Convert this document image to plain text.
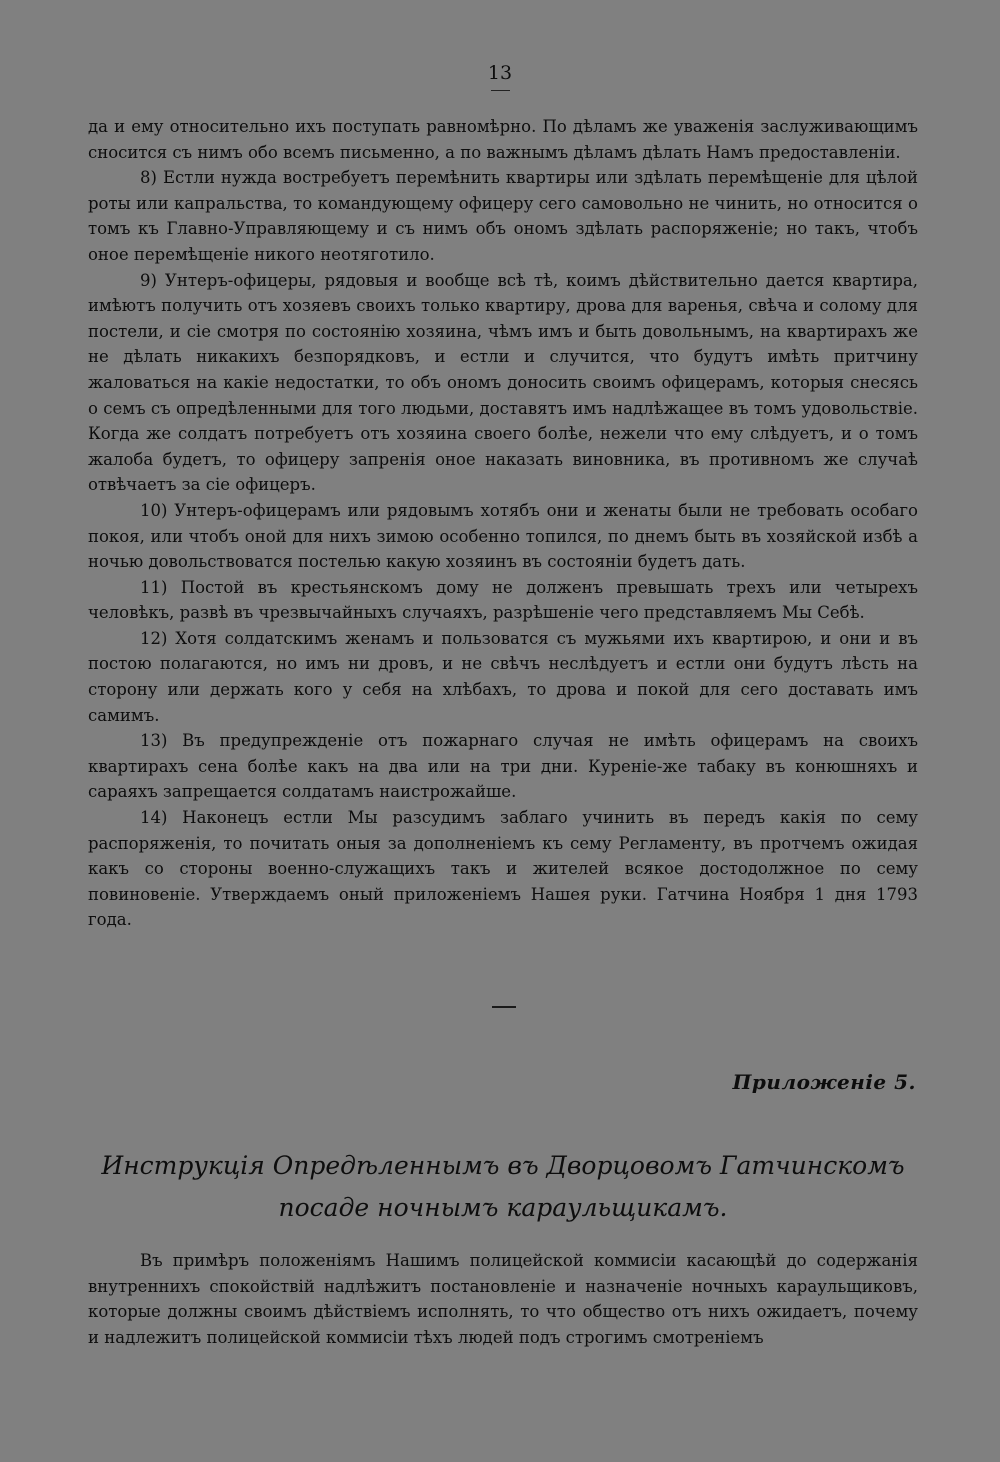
13

да и ему относительно ихъ поступать равномѣрно. По дѣламъ же уваженія заслуживающимъ сносится съ нимъ обо всемъ письменно, а по важнымъ дѣламъ дѣлать Намъ предоставленіи.

8) Естли нужда востребуетъ перемѣнить квартиры или здѣлать перемѣщеніе для цѣлой роты или капральства, то командующему офицеру сего самовольно не чинить, но относится о томъ къ Главно-Управляющему и съ нимъ объ ономъ здѣлать распоряженіе; но такъ, чтобъ оное перемѣщеніе никого неотяготило.

9) Унтеръ-офицеры, рядовыя и вообще всѣ тѣ, коимъ дѣйствительно дается квартира, имѣютъ получить отъ хозяевъ своихъ только квартиру, дрова для варенья, свѣча и солому для постели, и сіе смотря по состоянію хозяина, чѣмъ имъ и быть довольнымъ, на квартирахъ же не дѣлать никакихъ безпорядковъ, и естли и случится, что будутъ имѣть притчину жаловаться на какіе недостатки, то объ ономъ доносить своимъ офицерамъ, которыя снесясь о семъ съ опредѣленными для того людьми, доставятъ имъ надлѣжащее въ томъ удовольствіе. Когда же солдатъ потребуетъ отъ хозяина своего болѣе, нежели что ему слѣдуетъ, и о томъ жалоба будетъ, то офицеру запренія оное наказать виновника, въ противномъ же случаѣ отвѣчаетъ за сіе офицеръ.

10) Унтеръ-офицерамъ или рядовымъ хотябъ они и женаты были не требовать особаго покоя, или чтобъ оной для нихъ зимою особенно топился, по днемъ быть въ хозяйской избѣ а ночью довольствоватся постелью какую хозяинъ въ состояніи будетъ дать.

11) Постой въ крестьянскомъ дому не долженъ превышать трехъ или четырехъ человѣкъ, развѣ въ чрезвычайныхъ случаяхъ, разрѣшеніе чего представляемъ Мы Себѣ.

12) Хотя солдатскимъ женамъ и пользоватся съ мужьями ихъ квартирою, и они и въ постою полагаются, но имъ ни дровъ, и не свѣчъ неслѣдуетъ и естли они будутъ лѣсть на сторону или держать кого у себя на хлѣбахъ, то дрова и покой для сего доставать имъ самимъ.

13) Въ предупрежденіе отъ пожарнаго случая не имѣть офицерамъ на своихъ квартирахъ сена болѣе какъ на два или на три дни. Куреніе-же табаку въ конюшняхъ и сараяхъ запрещается солдатамъ наистрожайше.

14) Наконецъ естли Мы разсудимъ заблаго учинить въ передъ какія по сему распоряженія, то почитать оныя за дополненіемъ къ сему Регламенту, въ протчемъ ожидая какъ со стороны военно-служащихъ такъ и жителей всякое достодолжное по сему повиновеніе. Утверждаемъ оный приложеніемъ Нашея руки. Гатчина Ноября 1 дня 1793 года.

Приложеніе 5.
Инструкція Опредѣленнымъ въ Дворцовомъ Гатчинскомъ посаде ночнымъ караульщикамъ.

Въ примѣръ положеніямъ Нашимъ полицейской коммисіи касающѣй до содержанія внутреннихъ спокойствій надлѣжитъ постановленіе и назначеніе ночныхъ караульщиковъ, которые должны своимъ дѣйствіемъ исполнять, то что общество отъ нихъ ожидаетъ, почему и надлежитъ полицейской коммисіи тѣхъ людей подъ строгимъ смотреніемъ
